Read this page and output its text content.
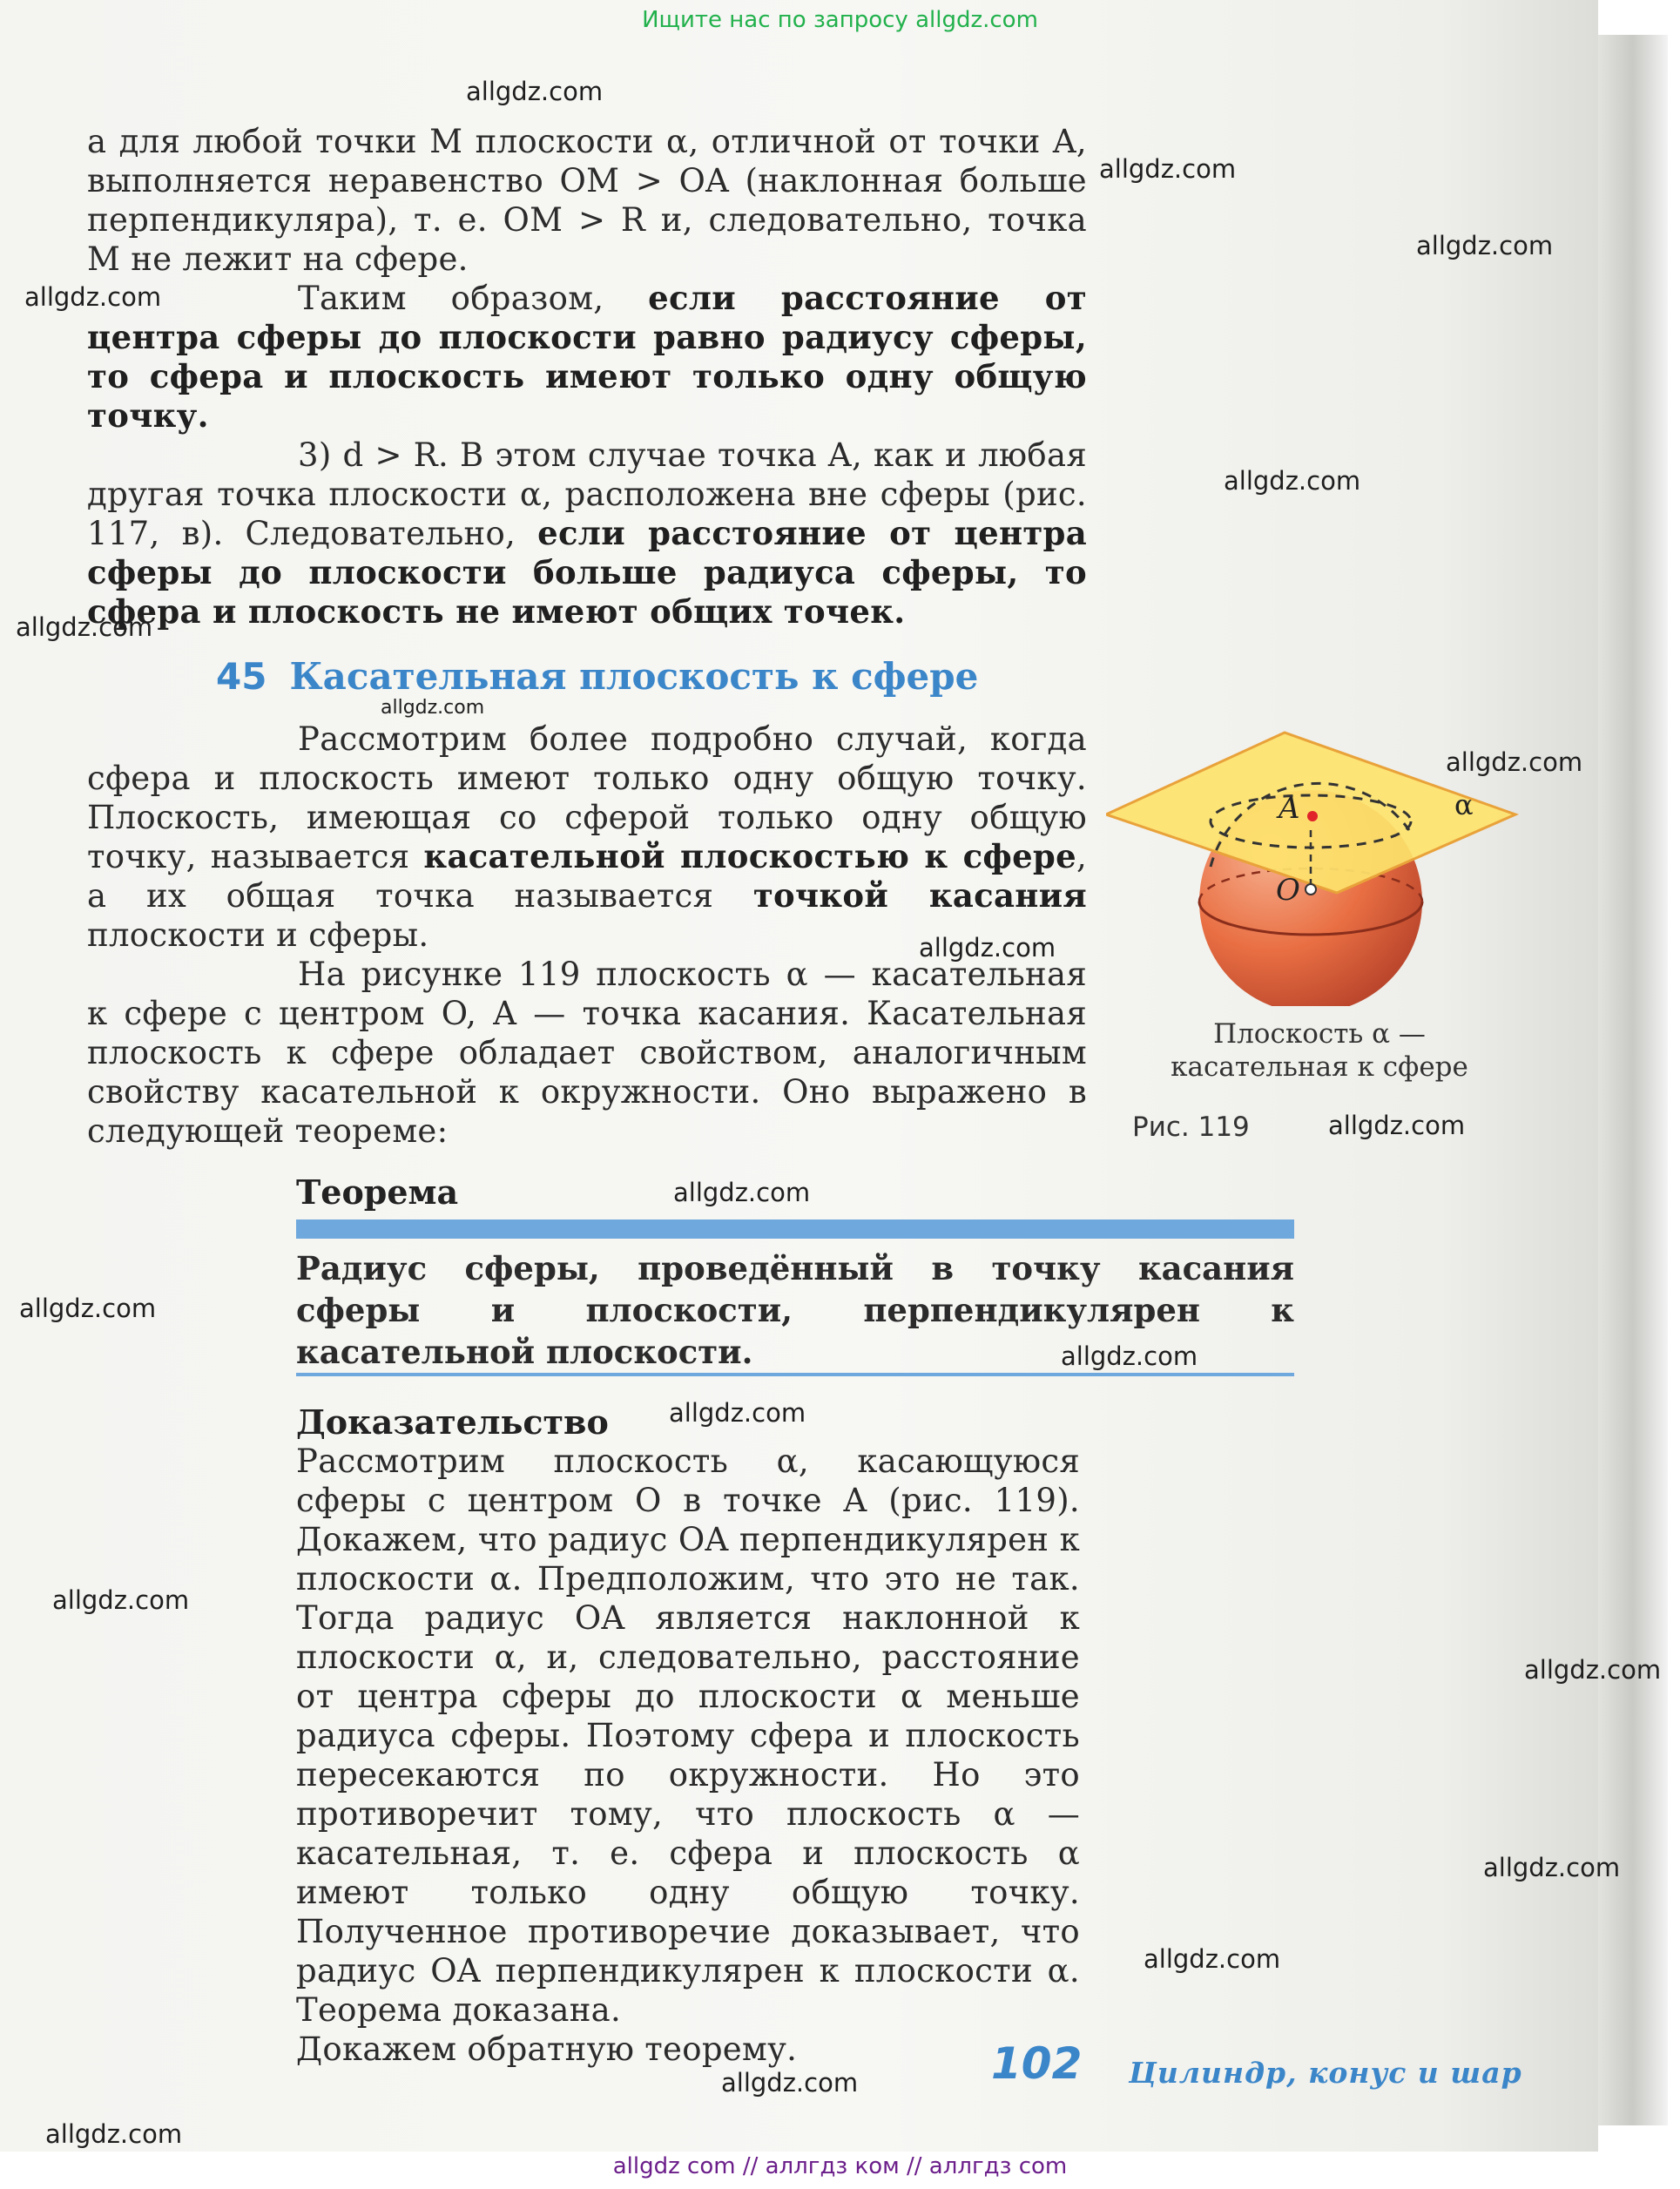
Ищите нас по запросу allgdz.com
allgdz.com
allgdz.com
allgdz.com
allgdz.com
allgdz.com
allgdz.com
allgdz.com
allgdz.com
allgdz.com
allgdz.com
allgdz.com
allgdz.com
allgdz.com
allgdz.com
allgdz.com
allgdz.com
allgdz.com
allgdz.com
allgdz.com
allgdz.com

а для любой точки M плоскости α, отличной от точки A, выполняется неравенство OM > OA (наклонная больше перпендикуляра), т. е. OM > R и, следовательно, точка M не лежит на сфере.

Таким образом, если расстояние от центра сферы до плоскости равно радиусу сферы, то сфера и плоскость имеют только одну общую точку.

3) d > R. В этом случае точка A, как и любая другая точка плоскости α, расположена вне сферы (рис. 117, в). Следовательно, если расстояние от центра сферы до плоскости больше радиуса сферы, то сфера и плоскость не имеют общих точек.

45 Касательная плоскость к сфере

Рассмотрим более подробно случай, когда сфера и плоскость имеют только одну общую точку. Плоскость, имеющая со сферой только одну общую точку, называется касательной плоскостью к сфере, а их общая точка называется точкой касания плоскости и сферы.

На рисунке 119 плоскость α — касательная к сфере с центром O, A — точка касания. Касательная плоскость к сфере обладает свойством, аналогичным свойству касательной к окружности. Оно выражено в следующей теореме:

A
O
α
Плоскость α —
касательная к сфере
Рис. 119
Теорема

Радиус сферы, проведённый в точку касания сферы и плоскости, перпендикулярен к касательной плоскости.

Доказательство

Рассмотрим плоскость α, касающуюся сферы с центром O в точке A (рис. 119). Докажем, что радиус OA перпендикулярен к плоскости α. Предположим, что это не так. Тогда радиус OA является наклонной к плоскости α, и, следовательно, расстояние от центра сферы до плоскости α меньше радиуса сферы. Поэтому сфера и плоскость пересекаются по окружности. Но это противоречит тому, что плоскость α — касательная, т. е. сфера и плоскость α имеют только одну общую точку. Полученное противоречие доказывает, что радиус OA перпендикулярен к плоскости α. Теорема доказана.

Докажем обратную теорему.	102 Цилиндр, конус и шар
allgdz com // аллгдз ком // аллгдз com
